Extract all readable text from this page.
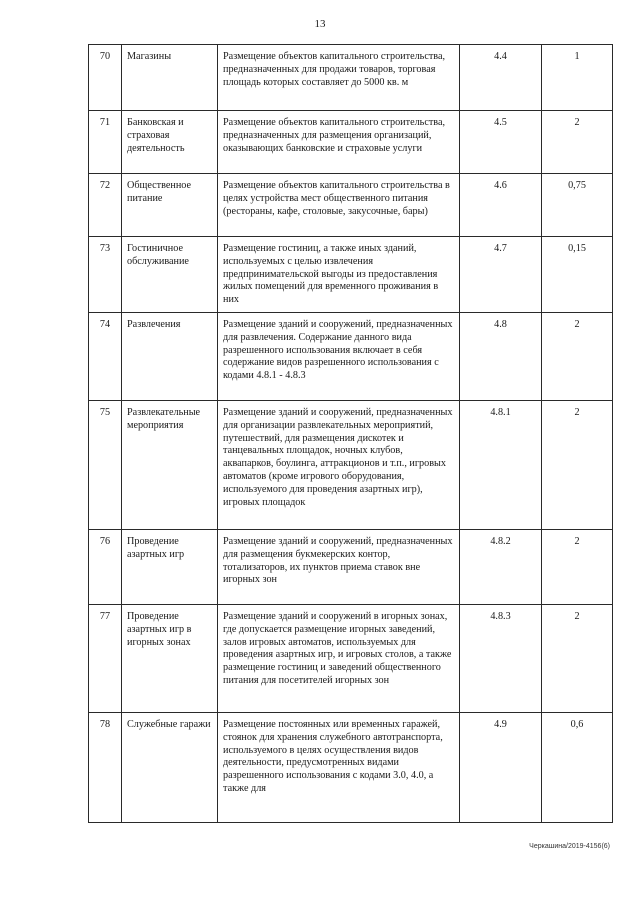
13
70	Магазины	Размещение объектов капитального строительства, предназначенных для продажи товаров, торговая площадь которых составляет до 5000 кв. м	4.4	1
71	Банковская и страховая деятельность	Размещение объектов капитального строительства, предназначенных для размещения организаций, оказывающих банковские и страховые услуги	4.5	2
72	Общественное питание	Размещение объектов капитального строительства в целях устройства мест общественного питания (рестораны, кафе, столовые, закусочные, бары)	4.6	0,75
73	Гостиничное обслуживание	Размещение гостиниц, а также иных зданий, используемых с целью извлечения предпринимательской выгоды из предоставления жилых помещений для временного проживания в них	4.7	0,15
74	Развлечения	Размещение зданий и сооружений, предназначенных для развлечения. Содержание данного вида разрешенного использования включает в себя содержание видов разрешенного использования с кодами 4.8.1 - 4.8.3	4.8	2
75	Развлекательные мероприятия	Размещение зданий и сооружений, предназначенных для организации развлекательных мероприятий, путешествий, для размещения дискотек и танцевальных площадок, ночных клубов, аквапарков, боулинга, аттракционов и т.п., игровых автоматов (кроме игрового оборудования, используемого для проведения азартных игр), игровых площадок	4.8.1	2
76	Проведение азартных игр	Размещение зданий и сооружений, предназначенных для размещения букмекерских контор, тотализаторов, их пунктов приема ставок вне игорных зон	4.8.2	2
77	Проведение азартных игр в игорных зонах	Размещение зданий и сооружений в игорных зонах, где допускается размещение игорных заведений, залов игровых автоматов, используемых для проведения азартных игр, и игровых столов, а также размещение гостиниц и заведений общественного питания для посетителей игорных зон	4.8.3	2
78	Служебные гаражи	Размещение постоянных или временных гаражей, стоянок для хранения служебного автотранспорта, используемого в целях осуществления видов деятельности, предусмотренных видами разрешенного использования с кодами 3.0, 4.0, а также для	4.9	0,6
Черкашина/2019-4156(6)
